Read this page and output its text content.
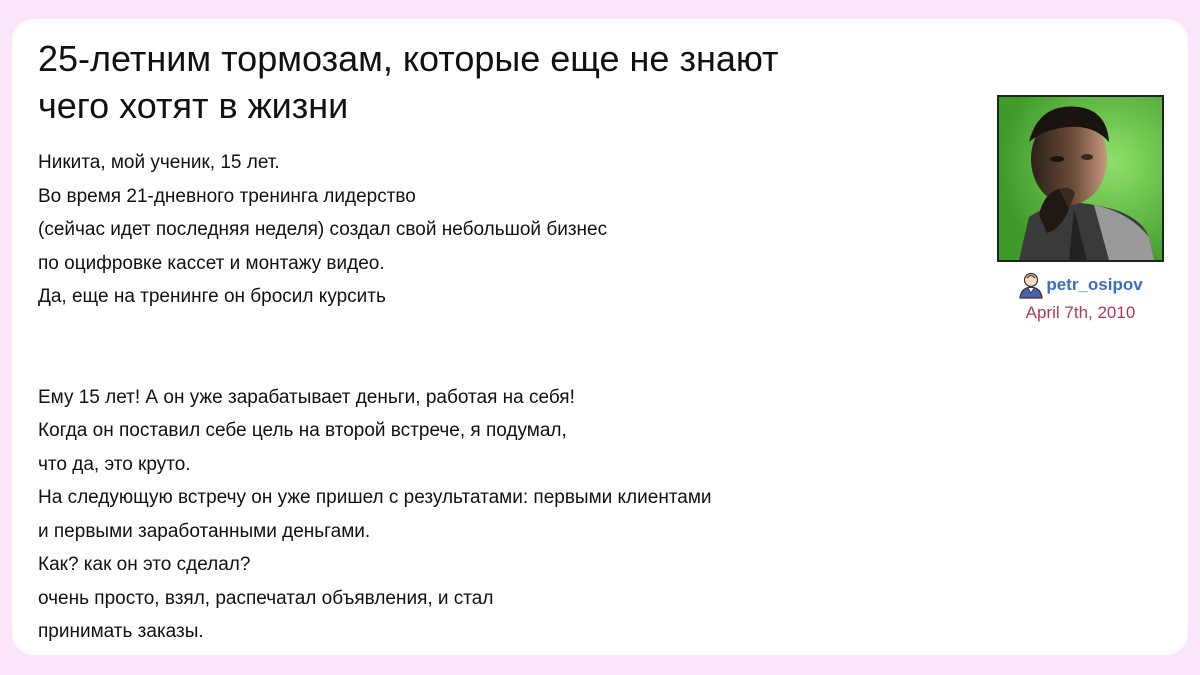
25-летним тормозам, которые еще не знают
чего хотят в жизни
Никита, мой ученик, 15 лет.
Во время 21-дневного тренинга лидерство
(сейчас идет последняя неделя) создал свой небольшой бизнес
по оцифровке кассет и монтажу видео.
Да, еще на тренинге он бросил курсить
Ему 15 лет! А он уже зарабатывает деньги, работая на себя!
Когда он поставил себе цель на второй встрече, я подумал,
что да, это круто.
На следующую встречу он уже пришел с результатами: первыми клиентами
и первыми заработанными деньгами.
Как? как он это сделал?
очень просто, взял, распечатал объявления, и стал
принимать заказы.
petr_osipov
April 7th, 2010
